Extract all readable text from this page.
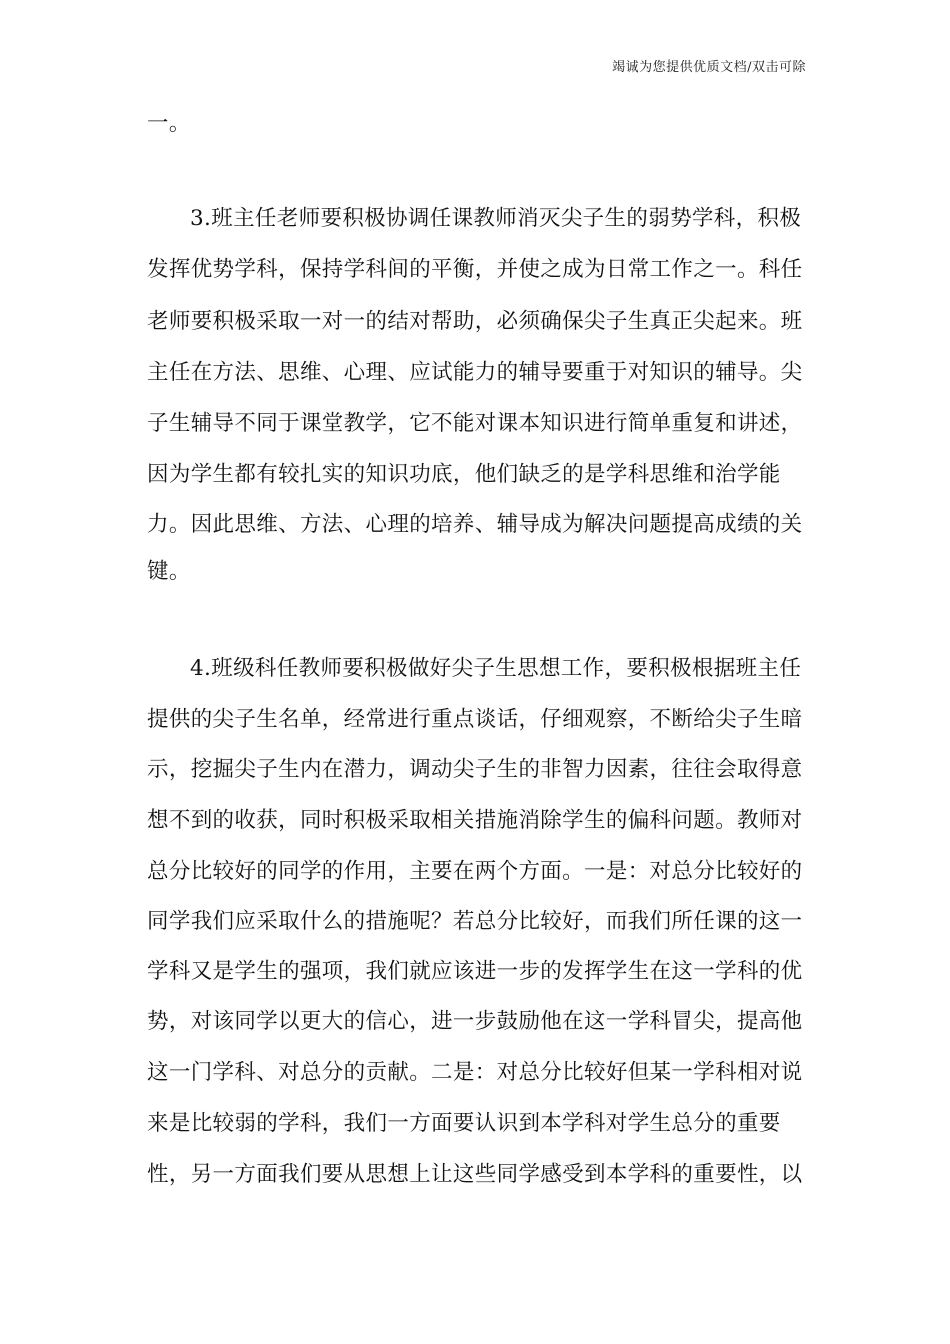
竭诚为您提供优质文档/双击可除
一。
3.班主任老师要积极协调任课教师消灭尖子生的弱势学科，积极
发挥优势学科，保持学科间的平衡，并使之成为日常工作之一。科任
老师要积极采取一对一的结对帮助，必须确保尖子生真正尖起来。班
主任在方法、思维、心理、应试能力的辅导要重于对知识的辅导。尖
子生辅导不同于课堂教学，它不能对课本知识进行简单重复和讲述，
因为学生都有较扎实的知识功底，他们缺乏的是学科思维和治学能
力。因此思维、方法、心理的培养、辅导成为解决问题提高成绩的关
键。
4.班级科任教师要积极做好尖子生思想工作，要积极根据班主任
提供的尖子生名单，经常进行重点谈话，仔细观察，不断给尖子生暗
示，挖掘尖子生内在潜力，调动尖子生的非智力因素，往往会取得意
想不到的收获，同时积极采取相关措施消除学生的偏科问题。教师对
总分比较好的同学的作用，主要在两个方面。一是：对总分比较好的
同学我们应采取什么的措施呢？若总分比较好，而我们所任课的这一
学科又是学生的强项，我们就应该进一步的发挥学生在这一学科的优
势，对该同学以更大的信心，进一步鼓励他在这一学科冒尖，提高他
这一门学科、对总分的贡献。二是：对总分比较好但某一学科相对说
来是比较弱的学科，我们一方面要认识到本学科对学生总分的重要
性，另一方面我们要从思想上让这些同学感受到本学科的重要性，以
